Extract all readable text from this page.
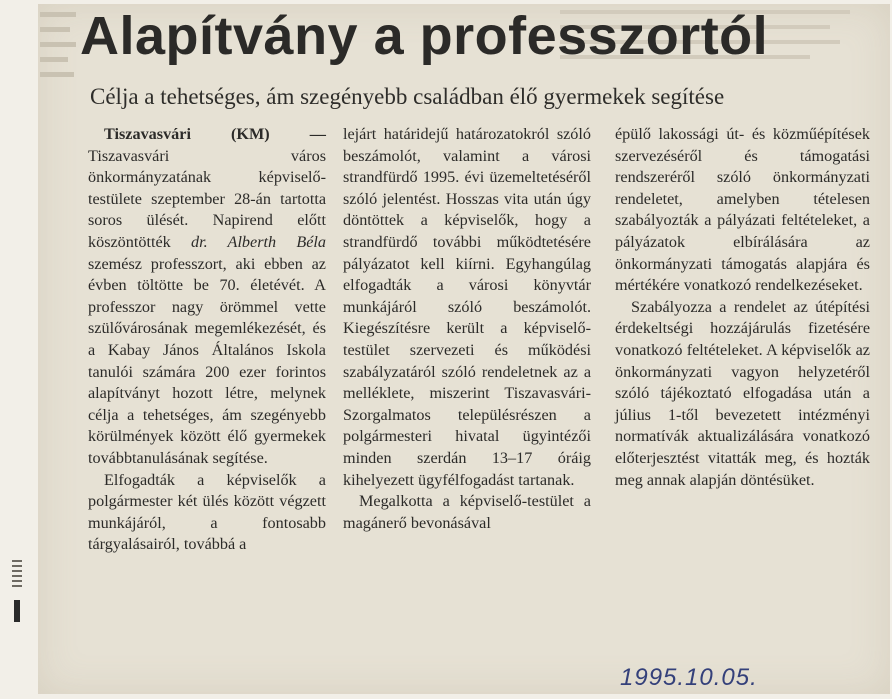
Alapítvány a professzortól
Célja a tehetséges, ám szegényebb családban élő gyermekek segítése

Tiszavasvári (KM) — Tiszavasvári város önkormányzatának képviselő-testülete szeptember 28-án tartotta soros ülését. Napirend előtt köszöntötték dr. Alberth Béla szemész professzort, aki ebben az évben töltötte be 70. életévét. A professzor nagy örömmel vette szülővárosának megemlékezését, és a Kabay János Általános Iskola tanulói számára 200 ezer forintos alapítványt hozott létre, melynek célja a tehetséges, ám szegényebb körülmények között élő gyermekek továbbtanulásának segítése.

Elfogadták a képviselők a polgármester két ülés között végzett munkájáról, a fontosabb tárgyalásairól, továbbá a

lejárt határidejű határozatokról szóló beszámolót, valamint a városi strandfürdő 1995. évi üzemeltetéséről szóló jelentést. Hosszas vita után úgy döntöttek a képviselők, hogy a strandfürdő további működtetésére pályázatot kell kiírni. Egyhangúlag elfogadták a városi könyvtár munkájáról szóló beszámolót. Kiegészítésre került a képviselő-testület szervezeti és működési szabályzatáról szóló rendeletnek az a melléklete, miszerint Tiszavasvári-Szorgalmatos településrészen a polgármesteri hivatal ügyintézői minden szerdán 13–17 óráig kihelyezett ügyfélfogadást tartanak.

Megalkotta a képviselő-testület a magánerő bevonásával

épülő lakossági út- és közműépítések szervezéséről és támogatási rendszeréről szóló önkormányzati rendeletet, amelyben tételesen szabályozták a pályázati feltételeket, a pályázatok elbírálására az önkormányzati támogatás alapjára és mértékére vonatkozó rendelkezéseket.

Szabályozza a rendelet az útépítési érdekeltségi hozzájárulás fizetésére vonatkozó feltételeket. A képviselők az önkormányzati vagyon helyzetéről szóló tájékoztató elfogadása után a július 1-től bevezetett intézményi normatívák aktualizálására vonatkozó előterjesztést vitatták meg, és hozták meg annak alapján döntésüket.

1995.10.05.
